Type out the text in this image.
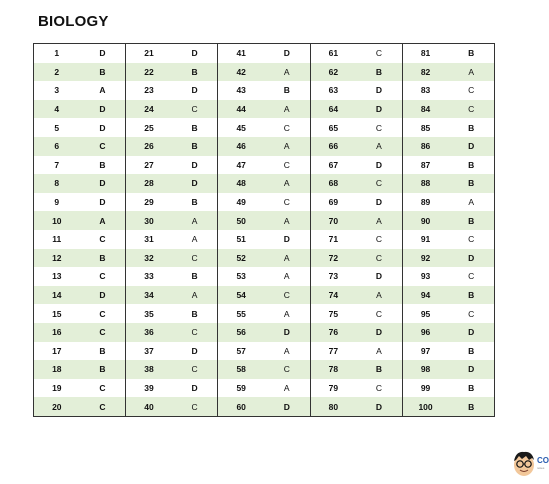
BIOLOGY
1	D	21	D	41	D	61	C	81	B
2	B	22	B	42	A	62	B	82	A
3	A	23	D	43	B	63	D	83	C
4	D	24	C	44	A	64	D	84	C
5	D	25	B	45	C	65	C	85	B
6	C	26	B	46	A	66	A	86	D
7	B	27	D	47	C	67	D	87	B
8	D	28	D	48	A	68	C	88	B
9	D	29	B	49	C	69	D	89	A
10	A	30	A	50	A	70	A	90	B
11	C	31	A	51	D	71	C	91	C
12	B	32	C	52	A	72	C	92	D
13	C	33	B	53	A	73	D	93	C
14	D	34	A	54	C	74	A	94	B
15	C	35	B	55	A	75	C	95	C
16	C	36	C	56	D	76	D	96	D
17	B	37	D	57	A	77	A	97	B
18	B	38	C	58	C	78	B	98	D
19	C	39	D	59	A	79	C	99	B
20	C	40	C	60	D	80	D	100	B
CO
notes
